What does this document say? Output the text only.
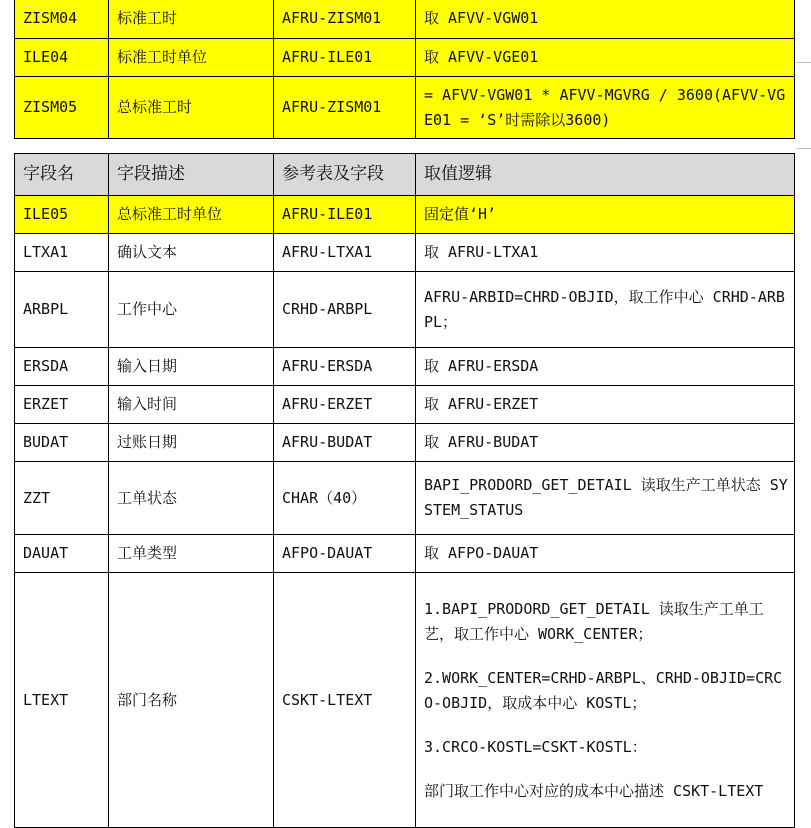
ZISM04	标准工时	AFRU-ZISM01	取 AFVV-VGW01

ILE04	标准工时单位	AFRU-ILE01	取 AFVV-VGE01

ZISM05	总标准工时	AFRU-ZISM01	= AFVV-VGW01 * AFVV-MGVRG / 3600(AFVV-VGE01 = ‘S’时需除以3600)

字段名	字段描述	参考表及字段	取值逻辑
ILE05	总标准工时单位	AFRU-ILE01	固定值‘H’

LTXA1	确认文本	AFRU-LTXA1	取 AFRU-LTXA1

ARBPL	工作中心	CRHD-ARBPL	AFRU-ARBID=CHRD-OBJID，取工作中心 CRHD-ARBPL；

ERSDA	输入日期	AFRU-ERSDA	取 AFRU-ERSDA

ERZET	输入时间	AFRU-ERZET	取 AFRU-ERZET

BUDAT	过账日期	AFRU-BUDAT	取 AFRU-BUDAT

ZZT	工单状态	CHAR（40）	BAPI_PRODORD_GET_DETAIL 读取生产工单状态 SYSTEM_STATUS

DAUAT	工单类型	AFPO-DAUAT	取 AFPO-DAUAT

LTEXT	部门名称	CSKT-LTEXT	1.BAPI_PRODORD_GET_DETAIL 读取生产工单工艺，取工作中心 WORK_CENTER；

2.WORK_CENTER=CRHD-ARBPL、CRHD-OBJID=CRCO-OBJID，取成本中心 KOSTL；

3.CRCO-KOSTL=CSKT-KOSTL：

部门取工作中心对应的成本中心描述 CSKT-LTEXT
